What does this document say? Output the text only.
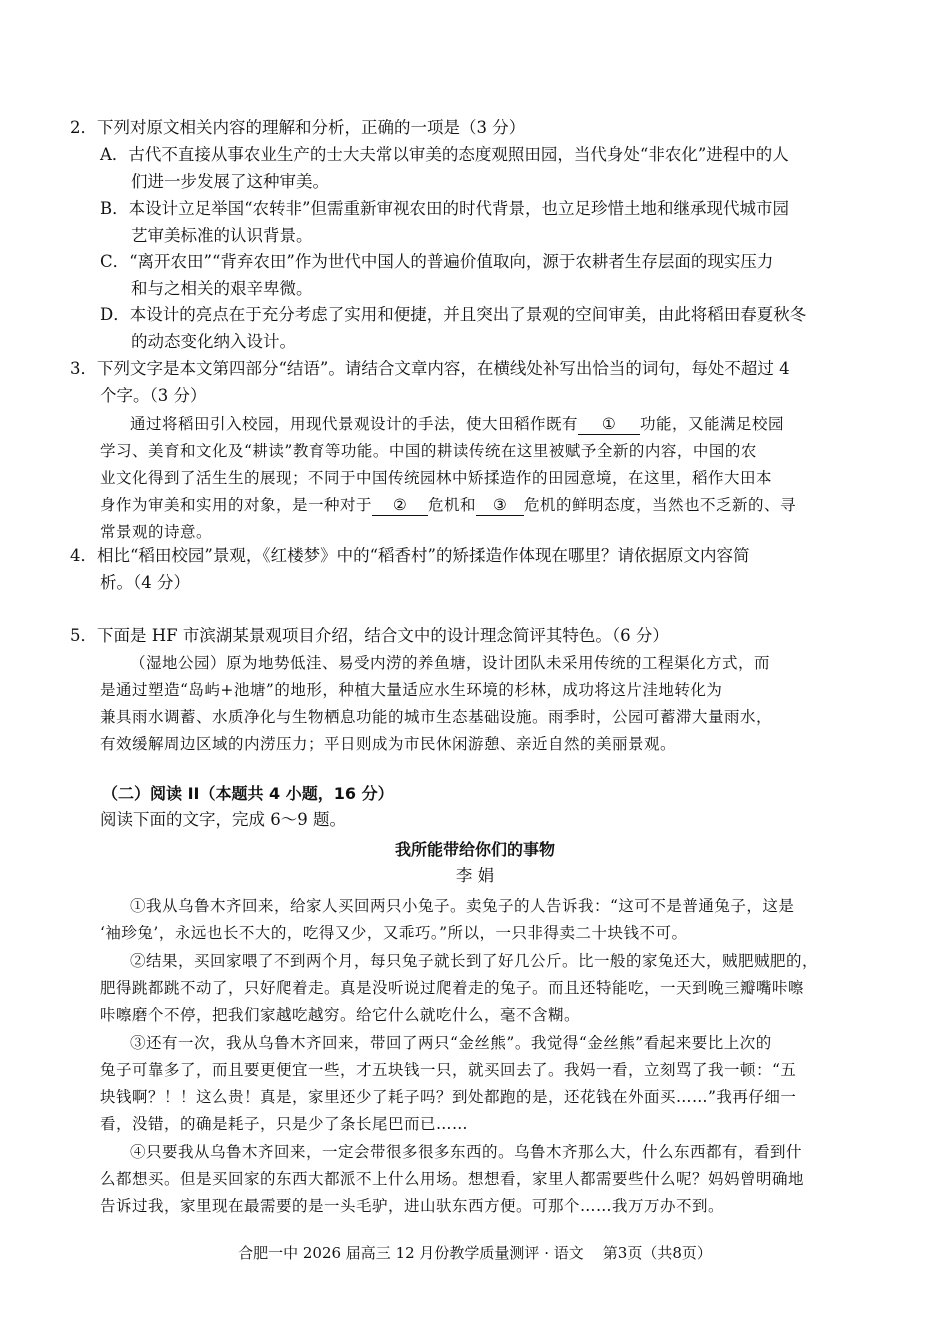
2．下列对原文相关内容的理解和分析，正确的一项是（3 分）
A．古代不直接从事农业生产的士大夫常以审美的态度观照田园，当代身处“非农化”进程中的人
们进一步发展了这种审美。
B．本设计立足举国“农转非”但需重新审视农田的时代背景，也立足珍惜土地和继承现代城市园
艺审美标准的认识背景。
C．“离开农田”“背弃农田”作为世代中国人的普遍价值取向，源于农耕者生存层面的现实压力
和与之相关的艰辛卑微。
D．本设计的亮点在于充分考虑了实用和便捷，并且突出了景观的空间审美，由此将稻田春夏秋冬
的动态变化纳入设计。
3．下列文字是本文第四部分“结语”。请结合文章内容，在横线处补写出恰当的词句，每处不超过 4
个字。（3 分）
通过将稻田引入校园，用现代景观设计的手法，使大田稻作既有 ① 功能，又能满足校园
学习、美育和文化及“耕读”教育等功能。中国的耕读传统在这里被赋予全新的内容，中国的农
业文化得到了活生生的展现；不同于中国传统园林中矫揉造作的田园意境，在这里，稻作大田本
身作为审美和实用的对象，是一种对于 ② 危机和 ③ 危机的鲜明态度，当然也不乏新的、寻
常景观的诗意。
4．相比“稻田校园”景观，《红楼梦》中的“稻香村”的矫揉造作体现在哪里？请依据原文内容简
析。（4 分）
5．下面是 HF 市滨湖某景观项目介绍，结合文中的设计理念简评其特色。（6 分）
（湿地公园）原为地势低洼、易受内涝的养鱼塘，设计团队未采用传统的工程渠化方式，而
是通过塑造“岛屿+池塘”的地形，种植大量适应水生环境的杉林，成功将这片洼地转化为
兼具雨水调蓄、水质净化与生物栖息功能的城市生态基础设施。雨季时，公园可蓄滞大量雨水，
有效缓解周边区域的内涝压力；平日则成为市民休闲游憩、亲近自然的美丽景观。
（二）阅读 II（本题共 4 小题，16 分）
阅读下面的文字，完成 6～9 题。
我所能带给你们的事物
李 娟
①我从乌鲁木齐回来，给家人买回两只小兔子。卖兔子的人告诉我：“这可不是普通兔子，这是
‘袖珍兔’，永远也长不大的，吃得又少，又乖巧。”所以，一只非得卖二十块钱不可。
②结果，买回家喂了不到两个月，每只兔子就长到了好几公斤。比一般的家兔还大，贼肥贼肥的，
肥得跳都跳不动了，只好爬着走。真是没听说过爬着走的兔子。而且还特能吃，一天到晚三瓣嘴咔嚓
咔嚓磨个不停，把我们家越吃越穷。给它什么就吃什么，毫不含糊。
③还有一次，我从乌鲁木齐回来，带回了两只“金丝熊”。我觉得“金丝熊”看起来要比上次的
兔子可靠多了，而且要更便宜一些，才五块钱一只，就买回去了。我妈一看，立刻骂了我一顿：“五
块钱啊？！！这么贵！真是，家里还少了耗子吗？到处都跑的是，还花钱在外面买……”我再仔细一
看，没错，的确是耗子，只是少了条长尾巴而已……
④只要我从乌鲁木齐回来，一定会带很多很多东西的。乌鲁木齐那么大，什么东西都有，看到什
么都想买。但是买回家的东西大都派不上什么用场。想想看，家里人都需要些什么呢？妈妈曾明确地
告诉过我，家里现在最需要的是一头毛驴，进山驮东西方便。可那个……我万万办不到。
合肥一中 2026 届高三 12 月份教学质量测评 · 语文    第3页（共8页）
